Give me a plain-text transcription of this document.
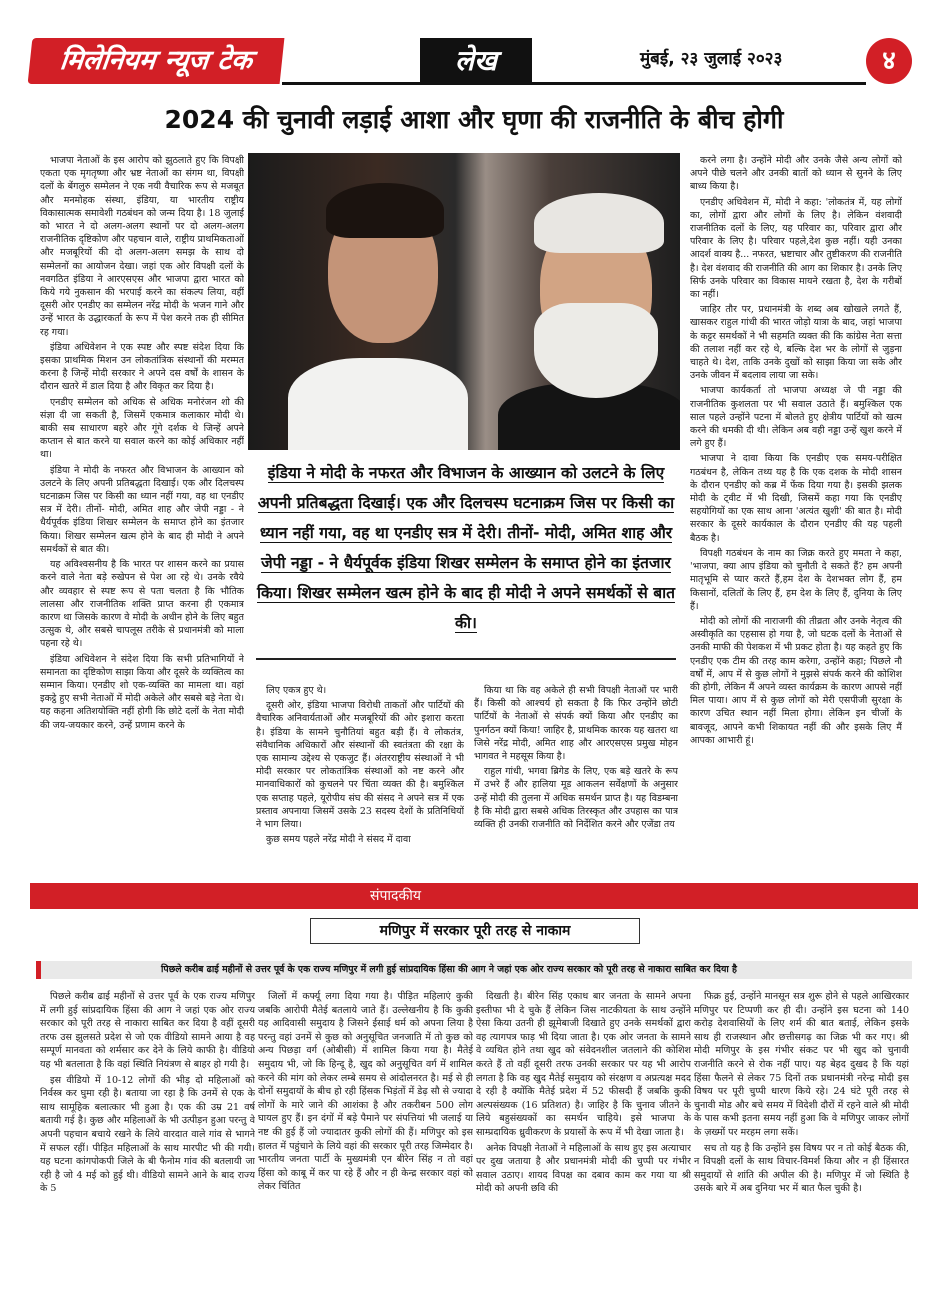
मिलेनियम न्यूज टेक	लेख	मुंबई, २३ जुलाई २०२३	४
2024 की चुनावी लड़ाई आशा और घृणा की राजनीति के बीच होगी

भाजपा नेताओं के इस आरोप को झुठलाते हुए कि विपक्षी एकता एक मृगतृष्णा और भ्रष्ट नेताओं का संगम था, विपक्षी दलों के बेंगलुरु सम्मेलन ने एक नयी वैचारिक रूप से मजबूत और मनमोहक संस्था, इंडिया, या भारतीय राष्ट्रीय विकासात्मक समावेशी गठबंधन को जन्म दिया है। 18 जुलाई को भारत ने दो अलग-अलग स्थानों पर दो अलग-अलग राजनीतिक दृष्टिकोण और पहचान वाले, राष्ट्रीय प्राथमिकताओं और मजबूरियों की दो अलग-अलग समझ के साथ दो सम्मेलनों का आयोजन देखा। जहां एक ओर विपक्षी दलों के नवगठित इंडिया ने आरएसएस और भाजपा द्वारा भारत को किये गये नुकसान की भरपाई करने का संकल्प लिया, वहीं दूसरी ओर एनडीए का सम्मेलन नरेंद्र मोदी के भजन गाने और उन्हें भारत के उद्धारकर्ता के रूप में पेश करने तक ही सीमित रह गया।

इंडिया अधिवेशन ने एक स्पष्ट और स्पष्ट संदेश दिया कि इसका प्राथमिक मिशन उन लोकतांत्रिक संस्थानों की मरम्मत करना है जिन्हें मोदी सरकार ने अपने दस वर्षों के शासन के दौरान खतरे में डाल दिया है और विकृत कर दिया है।

एनडीए सम्मेलन को अधिक से अधिक मनोरंजन शो की संज्ञा दी जा सकती है, जिसमें एकमात्र कलाकार मोदी थे। बाकी सब साधारण बहरे और गूंगे दर्शक थे जिन्हें अपने कप्तान से बात करने या सवाल करने का कोई अधिकार नहीं था।

इंडिया ने मोदी के नफरत और विभाजन के आख्यान को उलटने के लिए अपनी प्रतिबद्धता दिखाई। एक और दिलचस्प घटनाक्रम जिस पर किसी का ध्यान नहीं गया, वह था एनडीए सत्र में देरी। तीनों- मोदी, अमित शाह और जेपी नड्डा - ने धैर्यपूर्वक इंडिया शिखर सम्मेलन के समाप्त होने का इंतजार किया। शिखर सम्मेलन खत्म होने के बाद ही मोदी ने अपने समर्थकों से बात की।

यह अविश्वसनीय है कि भारत पर शासन करने का प्रयास करने वाले नेता बड़े रुखेपन से पेश आ रहे थे। उनके रवैये और व्यवहार से स्पष्ट रूप से पता चलता है कि भौतिक लालसा और राजनीतिक शक्ति प्राप्त करना ही एकमात्र कारण था जिसके कारण वे मोदी के अधीन होने के लिए बहुत उत्सुक थे, और सबसे चापलूस तरीके से प्रधानमंत्री को माला पहना रहे थे।

इंडिया अधिवेशन ने संदेश दिया कि सभी प्रतिभागियों ने समानता का दृष्टिकोण साझा किया और दूसरे के व्यक्तित्व का सम्मान किया। एनडीए शो एक-व्यक्ति का मामला था। वहां इकट्ठे हुए सभी नेताओं में मोदी अकेले और सबसे बड़े नेता थे। यह कहना अतिशयोक्ति नहीं होगी कि छोटे दलों के नेता मोदी की जय-जयकार करने, उन्हें प्रणाम करने के

इंडिया ने मोदी के नफरत और विभाजन के आख्यान को उलटने के लिए अपनी प्रतिबद्धता दिखाई। एक और दिलचस्प घटनाक्रम जिस पर किसी का ध्यान नहीं गया, वह था एनडीए सत्र में देरी। तीनों- मोदी, अमित शाह और जेपी नड्डा - ने धैर्यपूर्वक इंडिया शिखर सम्मेलन के समाप्त होने का इंतजार किया। शिखर सम्मेलन खत्म होने के बाद ही मोदी ने अपने समर्थकों से बात की।

लिए एकत्र हुए थे।

दूसरी ओर, इंडिया भाजपा विरोधी ताकतों और पार्टियों की वैचारिक अनिवार्यताओं और मजबूरियों की ओर इशारा करता है। इंडिया के सामने चुनौतियां बहुत बड़ी हैं। वे लोकतंत्र, संवैधानिक अधिकारों और संस्थानों की स्वतंत्रता की रक्षा के एक सामान्य उद्देश्य से एकजुट हैं। अंतरराष्ट्रीय संस्थाओं ने भी मोदी सरकार पर लोकतांत्रिक संस्थाओं को नष्ट करने और मानवाधिकारों को कुचलने पर चिंता व्यक्त की है। बमुश्किल एक सप्ताह पहले, यूरोपीय संघ की संसद ने अपने सत्र में एक प्रस्ताव अपनाया जिसमें उसके 23 सदस्य देशों के प्रतिनिधियों ने भाग लिया।

कुछ समय पहले नरेंद्र मोदी ने संसद में दावा

किया था कि वह अकेले ही सभी विपक्षी नेताओं पर भारी हैं। किसी को आश्चर्य हो सकता है कि फिर उन्होंने छोटी पार्टियों के नेताओं से संपर्क क्यों किया और एनडीए का पुनर्गठन क्यों किया! जाहिर है, प्राथमिक कारक यह खतरा था जिसे नरेंद्र मोदी, अमित शाह और आरएसएस प्रमुख मोहन भागवत ने महसूस किया है।

राहुल गांधी, भगवा ब्रिगेड के लिए, एक बड़े खतरे के रूप में उभरे हैं और हालिया मूड आकलन सर्वेक्षणों के अनुसार उन्हें मोदी की तुलना में अधिक समर्थन प्राप्त है। यह विडम्बना है कि मोदी द्वारा सबसे अधिक तिरस्कृत और उपहास का पात्र व्यक्ति ही उनकी राजनीति को निर्देशित करने और एजेंडा तय

करने लगा है। उन्होंने मोदी और उनके जैसे अन्य लोगों को अपने पीछे चलने और उनकी बातों को ध्यान से सुनने के लिए बाध्य किया है।

एनडीए अधिवेशन में, मोदी ने कहा: 'लोकतंत्र में, यह लोगों का, लोगों द्वारा और लोगों के लिए है। लेकिन वंशवादी राजनीतिक दलों के लिए, यह परिवार का, परिवार द्वारा और परिवार के लिए है। परिवार पहले,देश कुछ नहीं। यही उनका आदर्श वाक्य है... नफरत, भ्रष्टाचार और तुष्टीकरण की राजनीति है। देश वंशवाद की राजनीति की आग का शिकार है। उनके लिए सिर्फ उनके परिवार का विकास मायने रखता है, देश के गरीबों का नहीं।

जाहिर तौर पर, प्रधानमंत्री के शब्द अब खोखले लगते हैं, खासकर राहुल गांधी की भारत जोड़ो यात्रा के बाद, जहां भाजपा के कट्टर समर्थकों ने भी सहमति व्यक्त की कि कांग्रेस नेता सत्ता की तलाश नहीं कर रहे थे, बल्कि देश भर के लोगों से जुड़ना चाहते थे। देश, ताकि उनके दुखों को साझा किया जा सके और उनके जीवन में बदलाव लाया जा सके।

भाजपा कार्यकर्ता तो भाजपा अध्यक्ष जे पी नड्डा की राजनीतिक कुशलता पर भी सवाल उठाते हैं। बमुश्किल एक साल पहले उन्होंने पटना में बोलते हुए क्षेत्रीय पार्टियों को खत्म करने की धमकी दी थी। लेकिन अब वही नड्डा उन्हें खुश करने में लगे हुए हैं।

भाजपा ने दावा किया कि एनडीए एक समय-परीक्षित गठबंधन है, लेकिन तथ्य यह है कि एक दशक के मोदी शासन के दौरान एनडीए को कब्र में फेंक दिया गया है। इसकी झलक मोदी के ट्वीट में भी दिखी, जिसमें कहा गया कि एनडीए सहयोगियों का एक साथ आना 'अत्यंत खुशी' की बात है। मोदी सरकार के दूसरे कार्यकाल के दौरान एनडीए की यह पहली बैठक है।

विपक्षी गठबंधन के नाम का जिक्र करते हुए ममता ने कहा, 'भाजपा, क्या आप इंडिया को चुनौती दे सकते हैं? हम अपनी मातृभूमि से प्यार करते हैं,हम देश के देशभक्त लोग हैं, हम किसानों, दलितों के लिए हैं, हम देश के लिए हैं, दुनिया के लिए हैं।

मोदी को लोगों की नाराजगी की तीव्रता और उनके नेतृत्व की अस्वीकृति का एहसास हो गया है, जो घटक दलों के नेताओं से उनकी माफी की पेशकश में भी प्रकट होता है। यह कहते हुए कि एनडीए एक टीम की तरह काम करेगा, उन्होंने कहा; पिछले नौ वर्षों में, आप में से कुछ लोगों ने मुझसे संपर्क करने की कोशिश की होगी, लेकिन मैं अपने व्यस्त कार्यक्रम के कारण आपसे नहीं मिल पाया। आप में से कुछ लोगों को मेरी एसपीजी सुरक्षा के कारण उचित स्थान नहीं मिला होगा। लेकिन इन चीजों के बावजूद, आपने कभी शिकायत नहीं की और इसके लिए मैं आपका आभारी हूं।

संपादकीय
मणिपुर में सरकार पूरी तरह से नाकाम
पिछले करीब ढाई महीनों से उत्तर पूर्व के एक राज्य मणिपुर में लगी हुई सांप्रदायिक हिंसा की आग ने जहां एक ओर राज्य सरकार को पूरी तरह से नाकारा साबित कर दिया है

पिछले करीब ढाई महीनों से उत्तर पूर्व के एक राज्य मणिपुर में लगी हुई सांप्रदायिक हिंसा की आग ने जहां एक ओर राज्य सरकार को पूरी तरह से नाकारा साबित कर दिया है वहीं दूसरी तरफ उस झुलसते प्रदेश से जो एक वीडियो सामने आया है वह सम्पूर्ण मानवता को शर्मसार कर देने के लिये काफी है। वीडियो यह भी बतलाता है कि वहां स्थिति नियंत्रण से बाहर हो गयी है।

इस वीडियो में 10-12 लोगों की भीड़ दो महिलाओं को निर्वस्त्र कर घुमा रही है। बताया जा रहा है कि उनमें से एक के साथ सामूहिक बलात्कार भी हुआ है। एक की उम्र 21 वर्ष बतायी गई है। कुछ और महिलाओं के भी उत्पीड़न हुआ परन्तु वे अपनी पहचान बचाये रखने के लिये वारदात वाले गांव से भागने में सफल रहीं। पीड़ित महिलाओं के साथ मारपीट भी की गयी। यह घटना कांगपोकपी जिले के बी फैनोम गांव की बतलायी जा रही है जो 4 मई को हुई थी। वीडियो सामने आने के बाद राज्य के 5

जिलों में कर्फ्यू लगा दिया गया है। पीड़ित महिलाएं कुकी जबकि आरोपी मैतेई बतलाये जाते हैं। उल्लेखनीय है कि कुकी यह आदिवासी समुदाय है जिसने ईसाई धर्म को अपना लिया है परन्तु वहां उनमें से कुछ को अनुसूचित जनजाति में तो कुछ को अन्य पिछड़ा वर्ग (ओबीसी) में शामिल किया गया है। मैतेई समुदाय भी, जो कि हिन्दू है, खुद को अनुसूचित वर्ग में शामिल करने की मांग को लेकर लम्बे समय से आंदोलनरत है। मई से ही दोनों समुदायों के बीच हो रही हिंसक भिड़ंतों में डेढ़ सौ से ज्यादा लोगों के मारे जाने की आशंका है और तकरीबन 500 लोग घायल हुए हैं। इन दंगों में बड़े पैमाने पर संपत्तियां भी जलाई या नष्ट की हुई हैं जो ज्यादातर कुकी लोगों की हैं। मणिपुर को इस हालत में पहुंचाने के लिये वहां की सरकार पूरी तरह जिम्मेदार है। भारतीय जनता पार्टी के मुख्यमंत्री एन बीरेन सिंह न तो वहां हिंसा को काबू में कर पा रहे हैं और न ही केन्द्र सरकार वहां को लेकर चिंतित

दिखती है। बीरेन सिंह एकाध बार जनता के सामने अपना इस्तीफा भी दे चुके हैं लेकिन जिस नाटकीयता के साथ उन्होंने ऐसा किया उतनी ही झूमेबाजी दिखाते हुए उनके समर्थकों द्वारा वह त्यागपत्र फाड़ भी दिया जाता है। एक ओर जनता के सामने वे व्यथित होने तथा खुद को संवेदनशील जतलाने की कोशिश करते हैं तो वहीं दूसरी तरफ उनकी सरकार पर यह भी आरोप लगता है कि वह खुद मैतेई समुदाय को संरक्षण व अप्रत्यक्ष मदद दे रही है क्योंकि मैतेई प्रदेश में 52 फीसदी हैं जबकि कुकी अल्पसंख्यक (16 प्रतिशत) है। जाहिर है कि चुनाव जीतने के लिये बहुसंख्यकों का समर्थन चाहिये। इसे भाजपा के साम्प्रदायिक ध्रुवीकरण के प्रयासों के रूप में भी देखा जाता है।

अनेक विपक्षी नेताओं ने महिलाओं के साथ हुए इस अत्याचार पर दुख जताया है और प्रधानमंत्री मोदी की चुप्पी पर गंभीर सवाल उठाए। शायद विपक्ष का दबाव काम कर गया या श्री मोदी को अपनी छवि की

फिक्र हुई, उन्होंने मानसून सत्र शुरू होने से पहले आखिरकार मणिपुर पर टिप्पणी कर ही दी। उन्होंने इस घटना को 140 करोड़ देशवासियों के लिए शर्म की बात बताई, लेकिन इसके साथ ही राजस्थान और छत्तीसगढ़ का जिक्र भी कर गए। श्री मोदी मणिपुर के इस गंभीर संकट पर भी खुद को चुनावी राजनीति करने से रोक नहीं पाए। यह बेहद दुखद है कि यहां हिंसा फैलने से लेकर 75 दिनों तक प्रधानमंत्री नरेन्द्र मोदी इस विषय पर पूरी चुप्पी धारण किये रहे। 24 घंटे पूरी तरह से चुनावी मोड और बचे समय में विदेशी दौरों में रहने वाले श्री मोदी के पास कभी इतना समय नहीं हुआ कि वे मणिपुर जाकर लोगों के ज़ख्मों पर मरहम लगा सकें।

सच तो यह है कि उन्होंने इस विषय पर न तो कोई बैठक की, न विपक्षी दलों के साथ विचार-विमर्श किया और न ही हिंसारत समुदायों से शांति की अपील की है। मणिपुर में जो स्थिति है उसके बारे में अब दुनिया भर में बात फैल चुकी है।
